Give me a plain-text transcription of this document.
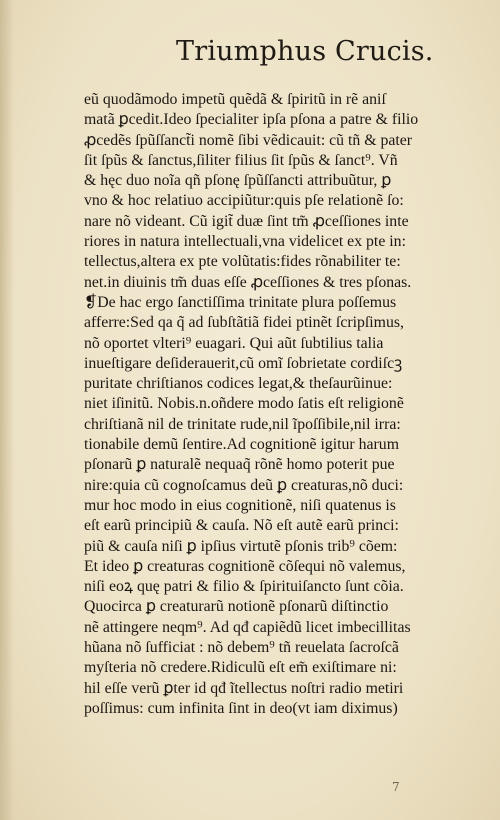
Triumphus Crucis.
eũ quodãmodo impetũ quẽdã & ſpiritũ in rẽ aniſ
matã ꝑcedit.Ideo ſpecialiter ipſa pſona a patre & filio
ꝓcedẽs ſpũſſanct̃i nomẽ ſibi vẽdicauit: cũ tñ & pater
ſit ſpũs & ſanctus,ſiliter filius ſit ſpũs & ſanct⁹. Vñ
& hęc duo noĩa qñ pſonę ſpũſſancti attribuũtur, ꝑ
vno & hoc relatiuo accipiũtur:quis pſe relationẽ ſo:
nare nõ videant. Cũ igit̃ duæ ſint tm̃ ꝓceſſiones inte
riores in natura intellectuali,vna videlicet ex pte in:
tellectus,altera ex pte volũtatis:fides rõnabiliter te:
net.in diuinis tm̃ duas eſſe ꝓceſſiones & tres pſonas.
❡De hac ergo ſanctiſſima trinitate plura poſſemus
afferre:Sed qa q̃ ad ſubſtãtiã fidei ptinẽt ſcripſimus,
nõ oportet vlteri⁹ euagari. Qui aũt ſubtilius talia
inueſtigare deſiderauerit,cũ omĩ ſobrietate cordiſcꝫ
puritate chriſtianos codices legat,& theſaurũinue:
niet iſinitũ. Nobis.n.oñdere modo ſatis eſt religionẽ
chriſtianã nil de trinitate rude,nil ĩpoſſibile,nil irra:
tionabile demũ ſentire.Ad cognitionẽ igitur harum
pſonarũ ꝑ naturalẽ nequaq̃ rõnẽ homo poterit pue
nire:quia cũ cognoſcamus deũ ꝑ creaturas,nõ duci:
mur hoc modo in eius cognitionẽ, niſi quatenus is
eſt earũ principiũ & cauſa. Nõ eſt autẽ earũ princi:
piũ & cauſa niſi ꝑ ipſius virtutẽ pſonis trib⁹ cõem:
Et ideo ꝑ creaturas cognitionẽ cõſequi nõ valemus,
niſi eoꝝ quę patri & filio & ſpirituiſancto ſunt cõia.
Quocirca ꝑ creaturarũ notionẽ pſonarũ diſtinctio
nẽ attingere neqm⁹. Ad qđ capiẽdũ licet imbecillitas
hũana nõ ſufficiat : nõ debem⁹ tñ reuelata ſacroſcã
myſteria nõ credere.Ridiculũ eſt em̃ exiſtimare ni:
hil eſſe verũ ꝑter id qđ ĩtellectus noſtri radio metiri
poſſimus: cum infinita ſint in deo(vt iam diximus)
7
